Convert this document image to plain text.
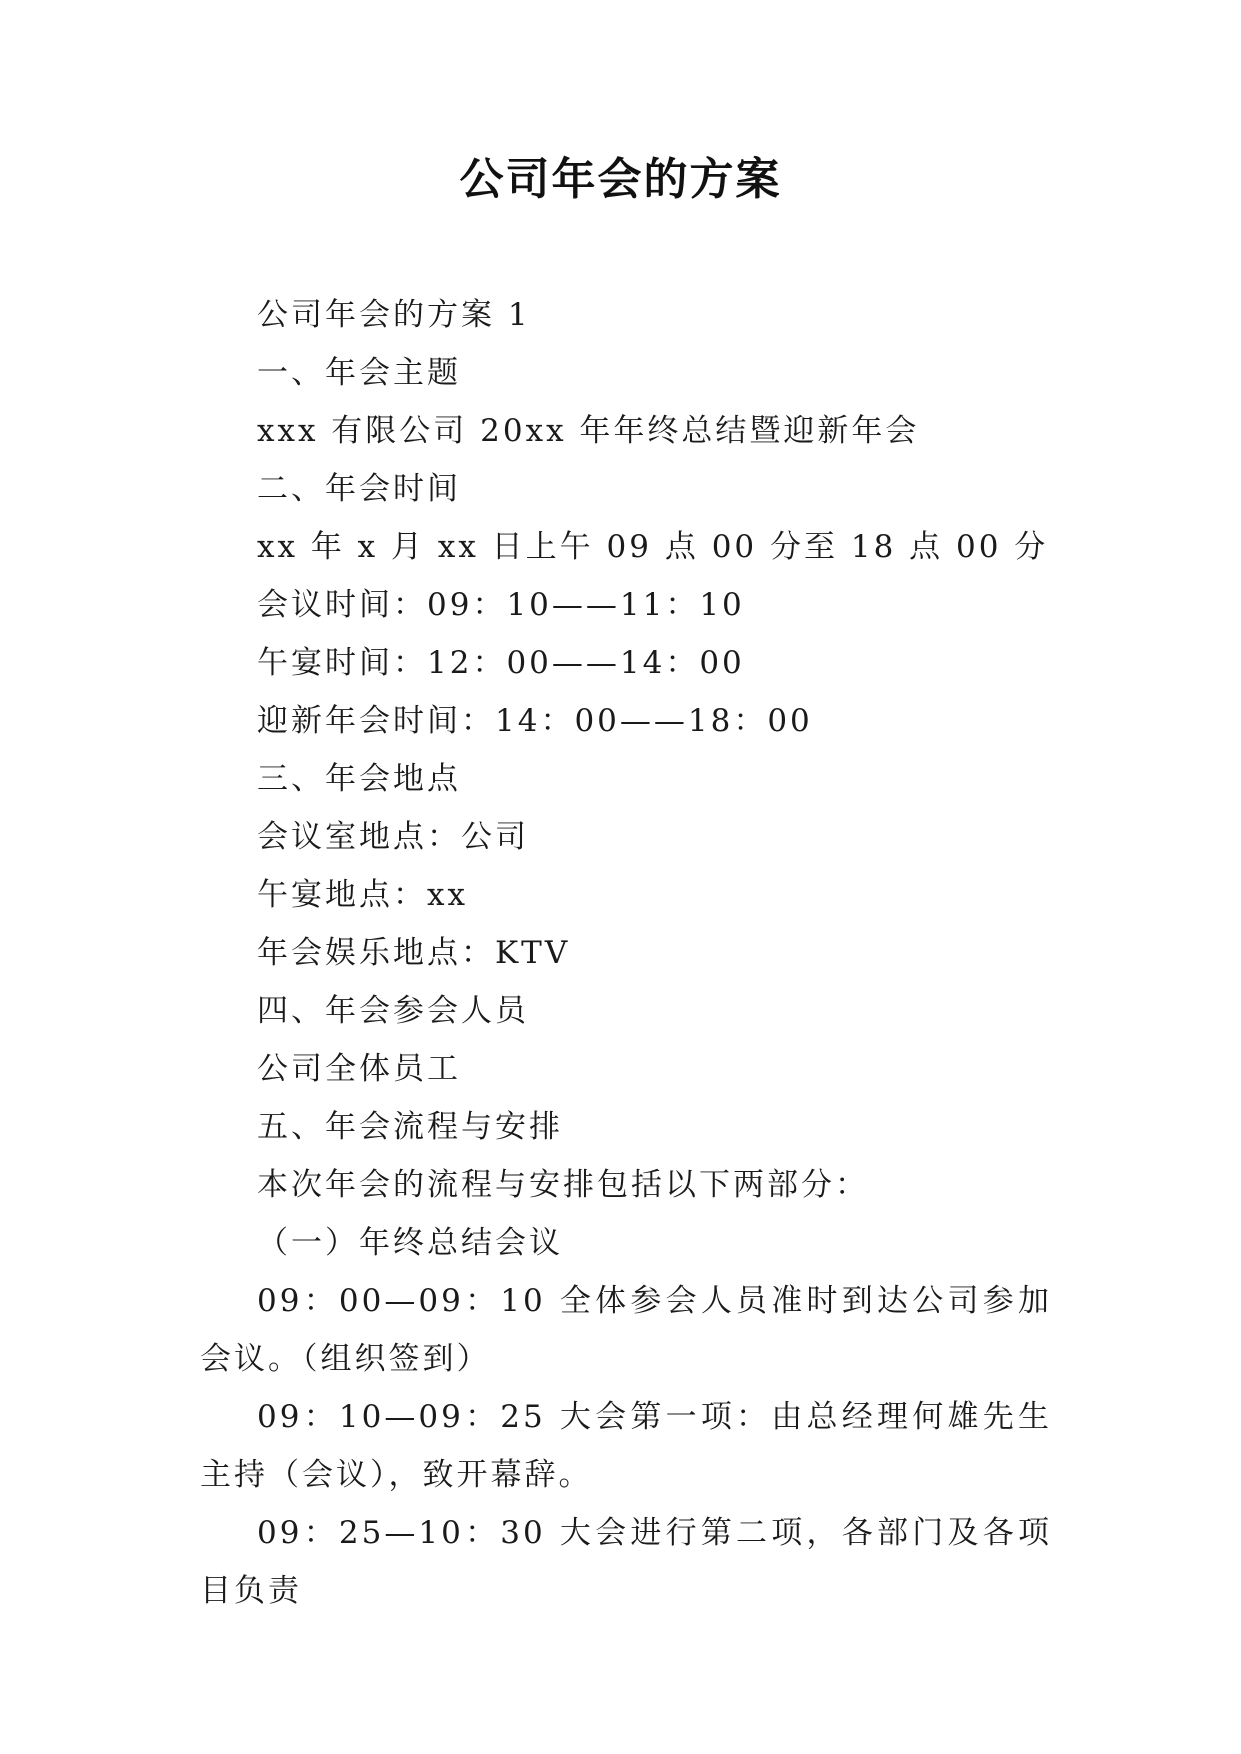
公司年会的方案
公司年会的方案 1
一、年会主题
xxx 有限公司 20xx 年年终总结暨迎新年会
二、年会时间
xx 年 x 月 xx 日上午 09 点 00 分至 18 点 00 分
会议时间：09：10——11：10
午宴时间：12：00——14：00
迎新年会时间：14：00——18：00
三、年会地点
会议室地点：公司
午宴地点：xx
年会娱乐地点：KTV
四、年会参会人员
公司全体员工
五、年会流程与安排
本次年会的流程与安排包括以下两部分：
（一）年终总结会议
09：00—09：10 全体参会人员准时到达公司参加会议。（组织签到）
09：10—09：25 大会第一项：由总经理何雄先生主持（会议），致开幕辞。
09：25—10：30 大会进行第二项，各部门及各项目负责
